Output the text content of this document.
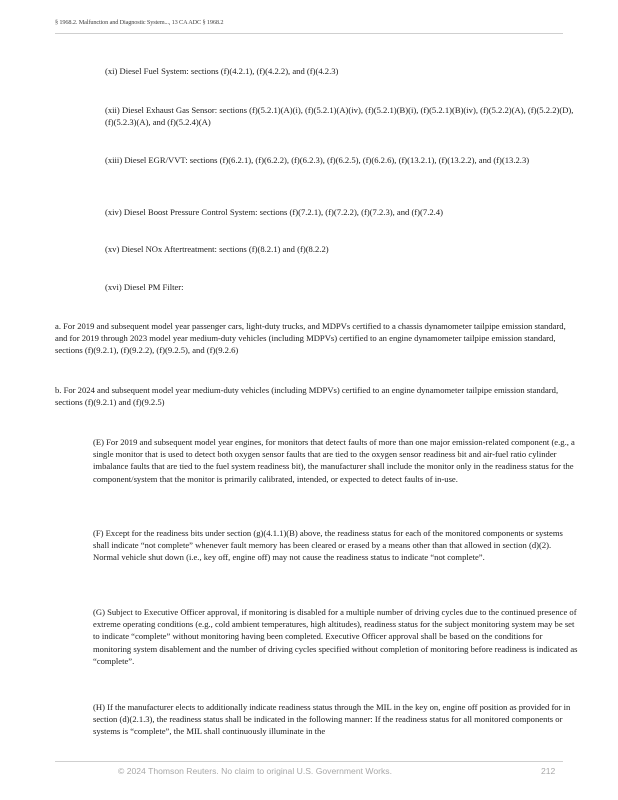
§ 1968.2. Malfunction and Diagnostic System..., 13 CA ADC § 1968.2

(xi) Diesel Fuel System: sections (f)(4.2.1), (f)(4.2.2), and (f)(4.2.3)

(xii) Diesel Exhaust Gas Sensor: sections (f)(5.2.1)(A)(i), (f)(5.2.1)(A)(iv), (f)(5.2.1)(B)(i), (f)(5.2.1)(B)(iv), (f)(5.2.2)(A), (f)(5.2.2)(D), (f)(5.2.3)(A), and (f)(5.2.4)(A)

(xiii) Diesel EGR/VVT: sections (f)(6.2.1), (f)(6.2.2), (f)(6.2.3), (f)(6.2.5), (f)(6.2.6), (f)(13.2.1), (f)(13.2.2), and (f)(13.2.3)

(xiv) Diesel Boost Pressure Control System: sections (f)(7.2.1), (f)(7.2.2), (f)(7.2.3), and (f)(7.2.4)

(xv) Diesel NOx Aftertreatment: sections (f)(8.2.1) and (f)(8.2.2)

(xvi) Diesel PM Filter:

a. For 2019 and subsequent model year passenger cars, light-duty trucks, and MDPVs certified to a chassis dynamometer tailpipe emission standard, and for 2019 through 2023 model year medium-duty vehicles (including MDPVs) certified to an engine dynamometer tailpipe emission standard, sections (f)(9.2.1), (f)(9.2.2), (f)(9.2.5), and (f)(9.2.6)

b. For 2024 and subsequent model year medium-duty vehicles (including MDPVs) certified to an engine dynamometer tailpipe emission standard, sections (f)(9.2.1) and (f)(9.2.5)

(E) For 2019 and subsequent model year engines, for monitors that detect faults of more than one major emission-related component (e.g., a single monitor that is used to detect both oxygen sensor faults that are tied to the oxygen sensor readiness bit and air-fuel ratio cylinder imbalance faults that are tied to the fuel system readiness bit), the manufacturer shall include the monitor only in the readiness status for the component/system that the monitor is primarily calibrated, intended, or expected to detect faults of in-use.

(F) Except for the readiness bits under section (g)(4.1.1)(B) above, the readiness status for each of the monitored components or systems shall indicate “not complete” whenever fault memory has been cleared or erased by a means other than that allowed in section (d)(2). Normal vehicle shut down (i.e., key off, engine off) may not cause the readiness status to indicate “not complete”.

(G) Subject to Executive Officer approval, if monitoring is disabled for a multiple number of driving cycles due to the continued presence of extreme operating conditions (e.g., cold ambient temperatures, high altitudes), readiness status for the subject monitoring system may be set to indicate “complete” without monitoring having been completed. Executive Officer approval shall be based on the conditions for monitoring system disablement and the number of driving cycles specified without completion of monitoring before readiness is indicated as “complete”.

(H) If the manufacturer elects to additionally indicate readiness status through the MIL in the key on, engine off position as provided for in section (d)(2.1.3), the readiness status shall be indicated in the following manner: If the readiness status for all monitored components or systems is “complete”, the MIL shall continuously illuminate in the

© 2024 Thomson Reuters. No claim to original U.S. Government Works.	212
